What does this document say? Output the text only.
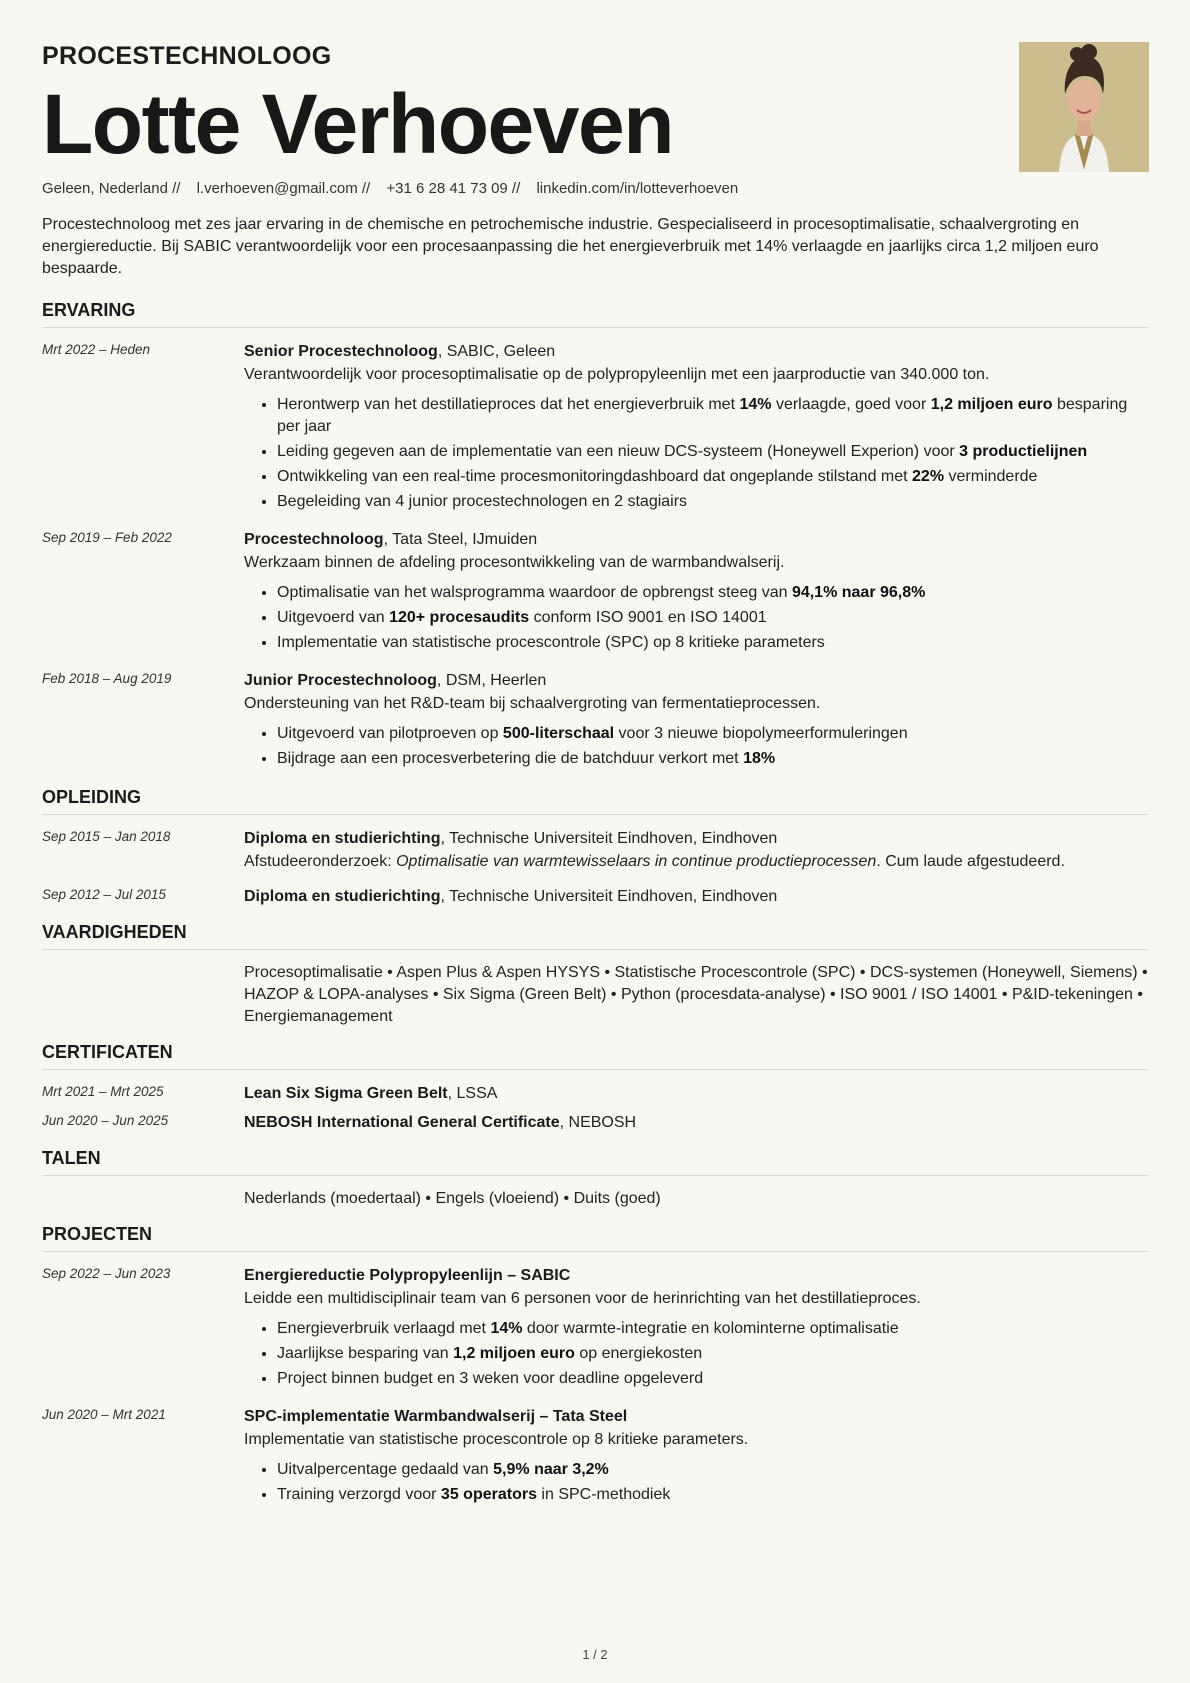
PROCESTECHNOLOOG
Lotte Verhoeven
Geleen, Nederland // l.verhoeven@gmail.com // +31 6 28 41 73 09 // linkedin.com/in/lotteverhoeven
Procestechnoloog met zes jaar ervaring in de chemische en petrochemische industrie. Gespecialiseerd in procesoptimalisatie, schaalvergroting en energiereductie. Bij SABIC verantwoordelijk voor een procesaanpassing die het energieverbruik met 14% verlaagde en jaarlijks circa 1,2 miljoen euro bespaarde.
ERVARING
Mrt 2022 – Heden	Senior Procestechnoloog, SABIC, Geleen
Verantwoordelijk voor procesoptimalisatie op de polypropyleenlijn met een jaarproductie van 340.000 ton.
• Herontwerp van het destillatieproces dat het energieverbruik met 14% verlaagde, goed voor 1,2 miljoen euro besparing per jaar
• Leiding gegeven aan de implementatie van een nieuw DCS-systeem (Honeywell Experion) voor 3 productielijnen
• Ontwikkeling van een real-time procesmonitoringdashboard dat ongeplande stilstand met 22% verminderde
• Begeleiding van 4 junior procestechnologen en 2 stagiairs
Sep 2019 – Feb 2022	Procestechnoloog, Tata Steel, IJmuiden
Werkzaam binnen de afdeling procesontwikkeling van de warmbandwalserij.
• Optimalisatie van het walsprogramma waardoor de opbrengst steeg van 94,1% naar 96,8%
• Uitgevoerd van 120+ procesaudits conform ISO 9001 en ISO 14001
• Implementatie van statistische procescontrole (SPC) op 8 kritieke parameters
Feb 2018 – Aug 2019	Junior Procestechnoloog, DSM, Heerlen
Ondersteuning van het R&D-team bij schaalvergroting van fermentatieprocessen.
• Uitgevoerd van pilotproeven op 500-literschaal voor 3 nieuwe biopolymeerformuleringen
• Bijdrage aan een procesverbetering die de batchduur verkort met 18%
OPLEIDING
Sep 2015 – Jan 2018	Diploma en studierichting, Technische Universiteit Eindhoven, Eindhoven
Afstudeeronderzoek: Optimalisatie van warmtewisselaars in continue productieprocessen. Cum laude afgestudeerd.
Sep 2012 – Jul 2015	Diploma en studierichting, Technische Universiteit Eindhoven, Eindhoven
VAARDIGHEDEN
Procesoptimalisatie • Aspen Plus & Aspen HYSYS • Statistische Procescontrole (SPC) • DCS-systemen (Honeywell, Siemens) • HAZOP & LOPA-analyses • Six Sigma (Green Belt) • Python (procesdata-analyse) • ISO 9001 / ISO 14001 • P&ID-tekeningen • Energiemanagement
CERTIFICATEN
Mrt 2021 – Mrt 2025	Lean Six Sigma Green Belt, LSSA
Jun 2020 – Jun 2025	NEBOSH International General Certificate, NEBOSH
TALEN
Nederlands (moedertaal) • Engels (vloeiend) • Duits (goed)
PROJECTEN
Sep 2022 – Jun 2023	Energiereductie Polypropyleenlijn – SABIC
Leidde een multidisciplinair team van 6 personen voor de herinrichting van het destillatieproces.
• Energieverbruik verlaagd met 14% door warmte-integratie en kolominterne optimalisatie
• Jaarlijkse besparing van 1,2 miljoen euro op energiekosten
• Project binnen budget en 3 weken voor deadline opgeleverd
Jun 2020 – Mrt 2021	SPC-implementatie Warmbandwalserij – Tata Steel
Implementatie van statistische procescontrole op 8 kritieke parameters.
• Uitvalpercentage gedaald van 5,9% naar 3,2%
• Training verzorgd voor 35 operators in SPC-methodiek
1 / 2
